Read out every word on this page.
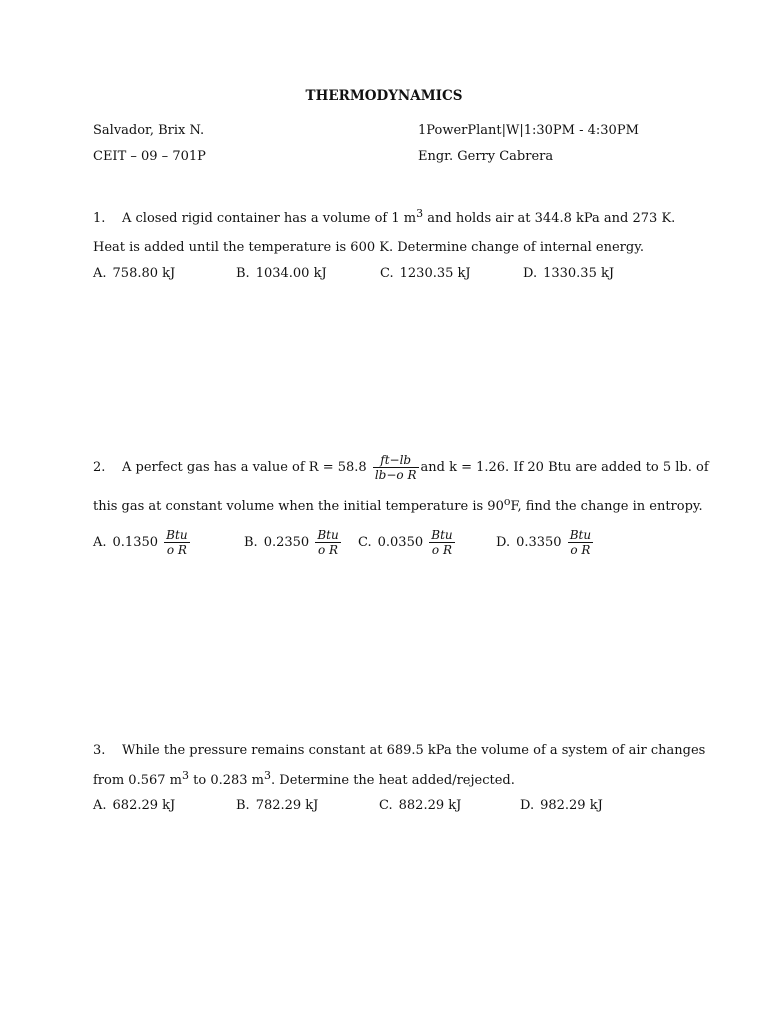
THERMODYNAMICS
Salvador, Brix N.	1PowerPlant|W|1:30PM - 4:30PM
CEIT – 09 – 701P	Engr. Gerry Cabrera
1. A closed rigid container has a volume of 1 $m^3$ and holds air at 344.8 kPa and 273 K.
Heat is added until the temperature is 600 K. Determine change of internal energy.
A. 758.80 kJ	B. 1034.00 kJ	C. 1230.35 kJ	D. 1330.35 kJ
2. A perfect gas has a value of $R = 58.8 \frac{ft-lb}{\text{lb−o R}}$ and k = 1.26. If 20 Btu are added to 5 lb. of
this gas at constant volume when the initial temperature is 90$^o$F, find the change in entropy.
A. $0.1350 \frac{\text{Btu}}{\text{o R}}$	B. $0.2350 \frac{\text{Btu}}{\text{o R}} C$. $0.0350 \frac{\text{Btu}}{\text{o R}}$	D. $0.3350 \frac{\text{Btu}}{\text{o R}}$
3. While the pressure remains constant at 689.5 kPa the volume of a system of air changes
from 0.567 $m^3$ to 0.283 $m^3$. Determine the heat added/rejected.
A. 682.29 kJ	B. 782.29 kJ	C. 882.29 kJ	D. 982.29 kJ
